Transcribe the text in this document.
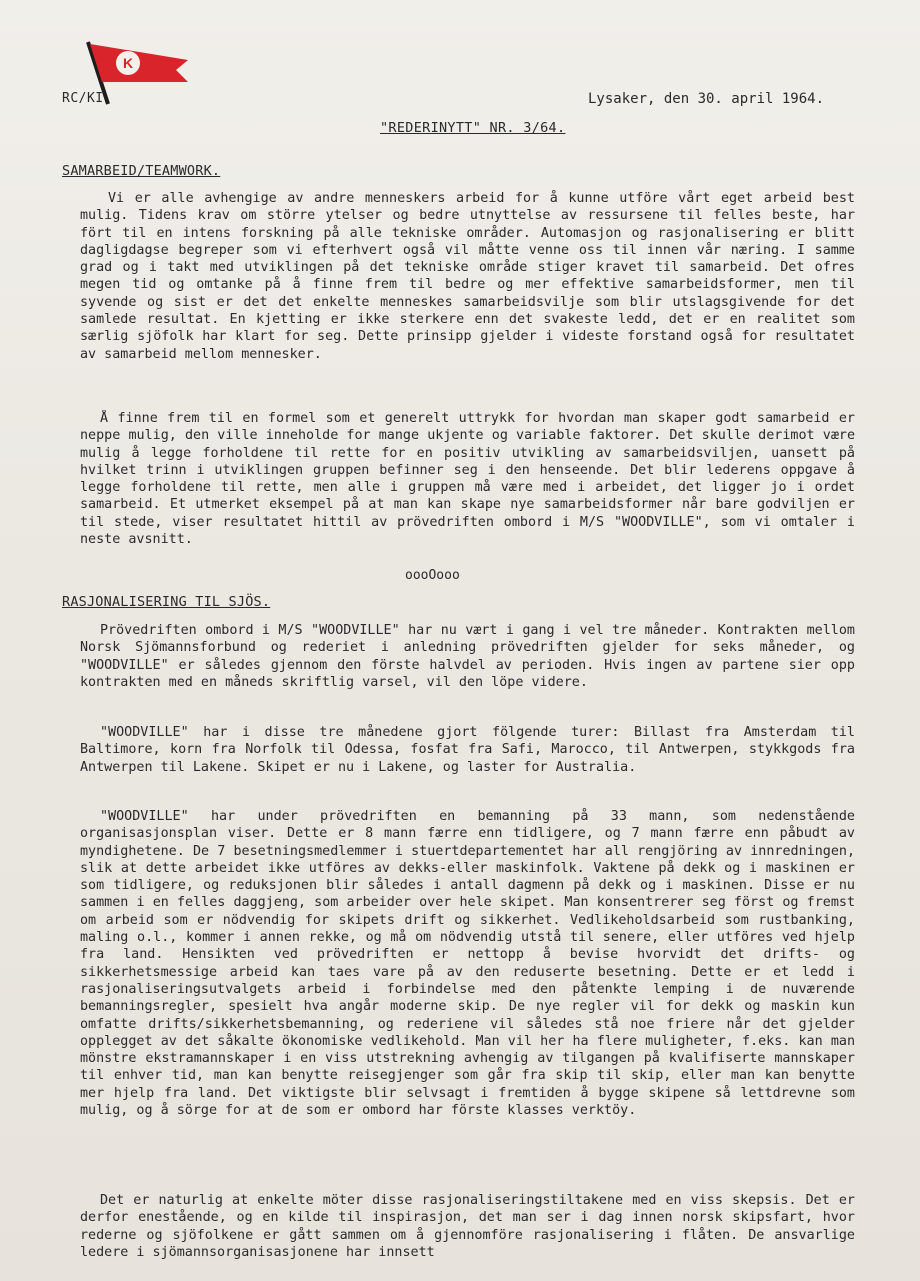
K
RC/KI	Lysaker, den 30. april 1964.
"REDERINYTT" NR. 3/64.
SAMARBEID/TEAMWORK.

Vi er alle avhengige av andre menneskers arbeid for å kunne utföre vårt eget arbeid best mulig. Tidens krav om större ytelser og bedre utnyttelse av ressursene til felles beste, har fört til en intens forskning på alle tekniske områder. Automasjon og rasjonalisering er blitt dagligdagse begreper som vi efterhvert også vil måtte venne oss til innen vår næring. I samme grad og i takt med utviklingen på det tekniske område stiger kravet til samarbeid. Det ofres megen tid og omtanke på å finne frem til bedre og mer effektive samarbeidsformer, men til syvende og sist er det det enkelte menneskes samarbeidsvilje som blir utslagsgivende for det samlede resultat. En kjetting er ikke sterkere enn det svakeste ledd, det er en realitet som særlig sjöfolk har klart for seg. Dette prinsipp gjelder i videste forstand også for resultatet av samarbeid mellom mennesker.

Å finne frem til en formel som et generelt uttrykk for hvordan man skaper godt samarbeid er neppe mulig, den ville inneholde for mange ukjente og variable faktorer. Det skulle derimot være mulig å legge forholdene til rette for en positiv utvikling av samarbeidsviljen, uansett på hvilket trinn i utviklingen gruppen befinner seg i den henseende. Det blir lederens oppgave å legge forholdene til rette, men alle i gruppen må være med i arbeidet, det ligger jo i ordet samarbeid. Et utmerket eksempel på at man kan skape nye samarbeidsformer når bare godviljen er til stede, viser resultatet hittil av prövedriften ombord i M/S "WOODVILLE", som vi omtaler i neste avsnitt.

oooOooo
RASJONALISERING TIL SJÖS.

Prövedriften ombord i M/S "WOODVILLE" har nu vært i gang i vel tre måneder. Kontrakten mellom Norsk Sjömannsforbund og rederiet i anledning prövedriften gjelder for seks måneder, og "WOODVILLE" er således gjennom den förste halvdel av perioden. Hvis ingen av partene sier opp kontrakten med en måneds skriftlig varsel, vil den löpe videre.

"WOODVILLE" har i disse tre månedene gjort fölgende turer: Billast fra Amsterdam til Baltimore, korn fra Norfolk til Odessa, fosfat fra Safi, Marocco, til Antwerpen, stykkgods fra Antwerpen til Lakene. Skipet er nu i Lakene, og laster for Australia.

"WOODVILLE" har under prövedriften en bemanning på 33 mann, som nedenstående organisasjonsplan viser. Dette er 8 mann færre enn tidligere, og 7 mann færre enn påbudt av myndighetene. De 7 besetningsmedlemmer i stuertdepartementet har all rengjöring av innredningen, slik at dette arbeidet ikke utföres av dekks-eller maskinfolk. Vaktene på dekk og i maskinen er som tidligere, og reduksjonen blir således i antall dagmenn på dekk og i maskinen. Disse er nu sammen i en felles daggjeng, som arbeider over hele skipet. Man konsentrerer seg först og fremst om arbeid som er nödvendig for skipets drift og sikkerhet. Vedlikeholdsarbeid som rustbanking, maling o.l., kommer i annen rekke, og må om nödvendig utstå til senere, eller utföres ved hjelp fra land. Hensikten ved prövedriften er nettopp å bevise hvorvidt det drifts- og sikkerhetsmessige arbeid kan taes vare på av den reduserte besetning. Dette er et ledd i rasjonaliseringsutvalgets arbeid i forbindelse med den påtenkte lemping i de nuværende bemanningsregler, spesielt hva angår moderne skip. De nye regler vil for dekk og maskin kun omfatte drifts/sikkerhetsbemanning, og rederiene vil således stå noe friere når det gjelder opplegget av det såkalte ökonomiske vedlikehold. Man vil her ha flere muligheter, f.eks. kan man mönstre ekstramannskaper i en viss utstrekning avhengig av tilgangen på kvalifiserte mannskaper til enhver tid, man kan benytte reisegjenger som går fra skip til skip, eller man kan benytte mer hjelp fra land. Det viktigste blir selvsagt i fremtiden å bygge skipene så lettdrevne som mulig, og å sörge for at de som er ombord har förste klasses verktöy.

Det er naturlig at enkelte möter disse rasjonaliseringstiltakene med en viss skepsis. Det er derfor enestående, og en kilde til inspirasjon, det man ser i dag innen norsk skipsfart, hvor rederne og sjöfolkene er gått sammen om å gjennomföre rasjonalisering i flåten. De ansvarlige ledere i sjömannsorganisasjonene har innsett
